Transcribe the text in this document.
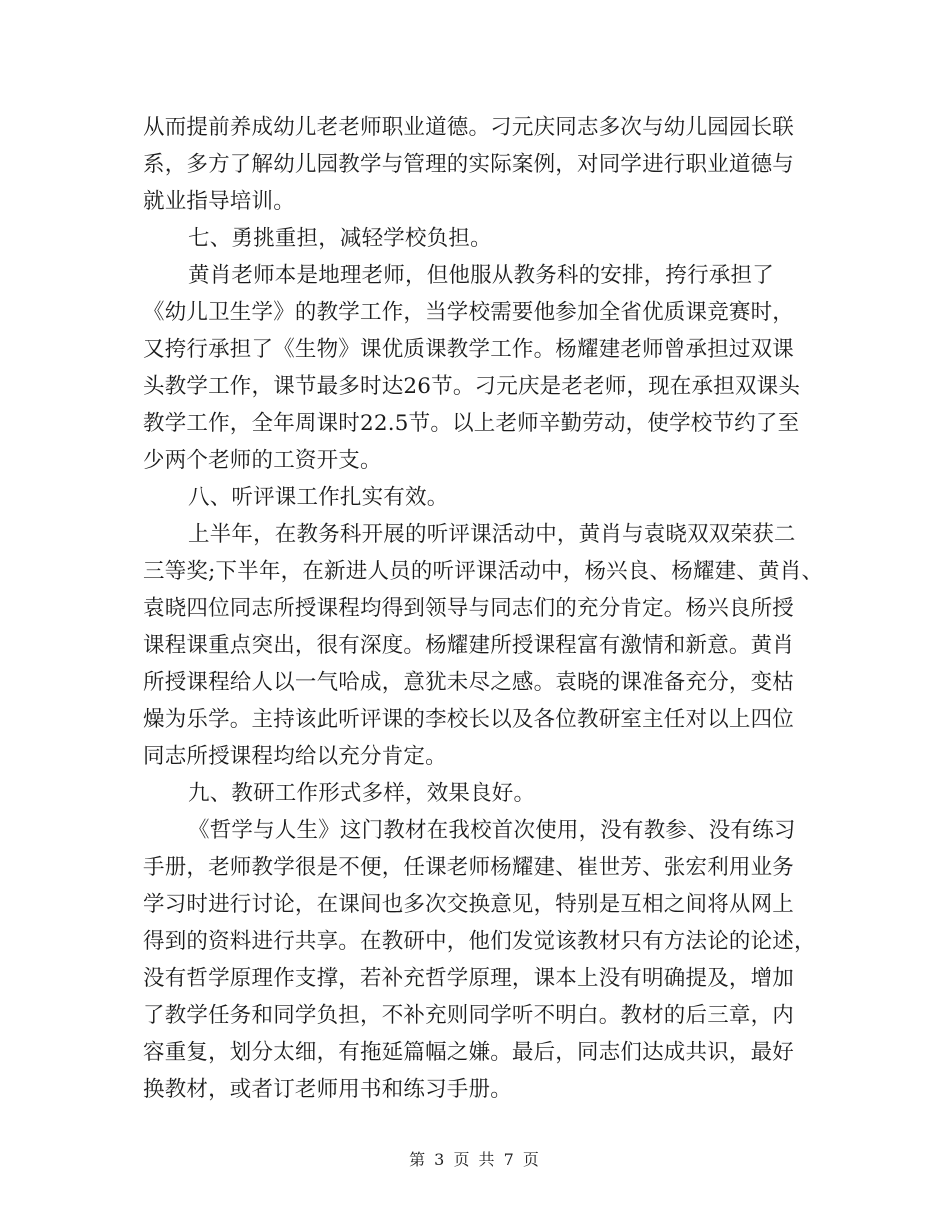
从而提前养成幼儿老老师职业道德。刁元庆同志多次与幼儿园园长联
系，多方了解幼儿园教学与管理的实际案例，对同学进行职业道德与
就业指导培训。
七、勇挑重担，减轻学校负担。
黄肖老师本是地理老师，但他服从教务科的安排，挎行承担了
《幼儿卫生学》的教学工作，当学校需要他参加全省优质课竞赛时，
又挎行承担了《生物》课优质课教学工作。杨耀建老师曾承担过双课
头教学工作，课节最多时达26节。刁元庆是老老师，现在承担双课头
教学工作，全年周课时22.5节。以上老师辛勤劳动，使学校节约了至
少两个老师的工资开支。
八、听评课工作扎实有效。
上半年，在教务科开展的听评课活动中，黄肖与袁晓双双荣获二
三等奖;下半年，在新进人员的听评课活动中，杨兴良、杨耀建、黄肖、
袁晓四位同志所授课程均得到领导与同志们的充分肯定。杨兴良所授
课程课重点突出，很有深度。杨耀建所授课程富有激情和新意。黄肖
所授课程给人以一气哈成，意犹未尽之感。袁晓的课准备充分，变枯
燥为乐学。主持该此听评课的李校长以及各位教研室主任对以上四位
同志所授课程均给以充分肯定。
九、教研工作形式多样，效果良好。
《哲学与人生》这门教材在我校首次使用，没有教参、没有练习
手册，老师教学很是不便，任课老师杨耀建、崔世芳、张宏利用业务
学习时进行讨论，在课间也多次交换意见，特别是互相之间将从网上
得到的资料进行共享。在教研中，他们发觉该教材只有方法论的论述，
没有哲学原理作支撑，若补充哲学原理，课本上没有明确提及，增加
了教学任务和同学负担，不补充则同学听不明白。教材的后三章，内
容重复，划分太细，有拖延篇幅之嫌。最后，同志们达成共识，最好
换教材，或者订老师用书和练习手册。
第 3 页 共 7 页
